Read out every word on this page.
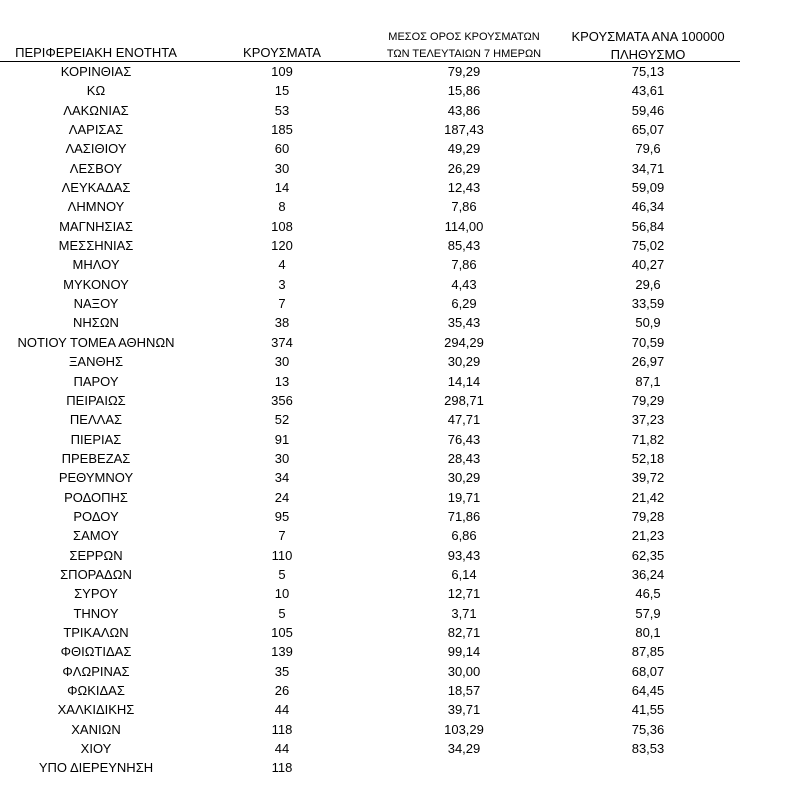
ΠΕΡΙΦΕΡΕΙΑΚΗ ΕΝΟΤΗΤΑ	ΚΡΟΥΣΜΑΤΑ
ΜΕΣΟΣ ΟΡΟΣ ΚΡΟΥΣΜΑΤΩΝ
ΤΩΝ ΤΕΛΕΥΤΑΙΩΝ 7 ΗΜΕΡΩΝ
ΚΡΟΥΣΜΑΤΑ ΑΝΑ 100000
ΠΛΗΘΥΣΜΟ
ΚΟΡΙΝΘΙΑΣ	109	79,29	75,13
ΚΩ	15	15,86	43,61
ΛΑΚΩΝΙΑΣ	53	43,86	59,46
ΛΑΡΙΣΑΣ	185	187,43	65,07
ΛΑΣΙΘΙΟΥ	60	49,29	79,6
ΛΕΣΒΟΥ	30	26,29	34,71
ΛΕΥΚΑΔΑΣ	14	12,43	59,09
ΛΗΜΝΟΥ	8	7,86	46,34
ΜΑΓΝΗΣΙΑΣ	108	114,00	56,84
ΜΕΣΣΗΝΙΑΣ	120	85,43	75,02
ΜΗΛΟΥ	4	7,86	40,27
ΜΥΚΟΝΟΥ	3	4,43	29,6
ΝΑΞΟΥ	7	6,29	33,59
ΝΗΣΩΝ	38	35,43	50,9
ΝΟΤΙΟΥ ΤΟΜΕΑ ΑΘΗΝΩΝ	374	294,29	70,59
ΞΑΝΘΗΣ	30	30,29	26,97
ΠΑΡΟΥ	13	14,14	87,1
ΠΕΙΡΑΙΩΣ	356	298,71	79,29
ΠΕΛΛΑΣ	52	47,71	37,23
ΠΙΕΡΙΑΣ	91	76,43	71,82
ΠΡΕΒΕΖΑΣ	30	28,43	52,18
ΡΕΘΥΜΝΟΥ	34	30,29	39,72
ΡΟΔΟΠΗΣ	24	19,71	21,42
ΡΟΔΟΥ	95	71,86	79,28
ΣΑΜΟΥ	7	6,86	21,23
ΣΕΡΡΩΝ	110	93,43	62,35
ΣΠΟΡΑΔΩΝ	5	6,14	36,24
ΣΥΡΟΥ	10	12,71	46,5
ΤΗΝΟΥ	5	3,71	57,9
ΤΡΙΚΑΛΩΝ	105	82,71	80,1
ΦΘΙΩΤΙΔΑΣ	139	99,14	87,85
ΦΛΩΡΙΝΑΣ	35	30,00	68,07
ΦΩΚΙΔΑΣ	26	18,57	64,45
ΧΑΛΚΙΔΙΚΗΣ	44	39,71	41,55
ΧΑΝΙΩΝ	118	103,29	75,36
ΧΙΟΥ	44	34,29	83,53
ΥΠΟ ΔΙΕΡΕΥΝΗΣΗ	118
